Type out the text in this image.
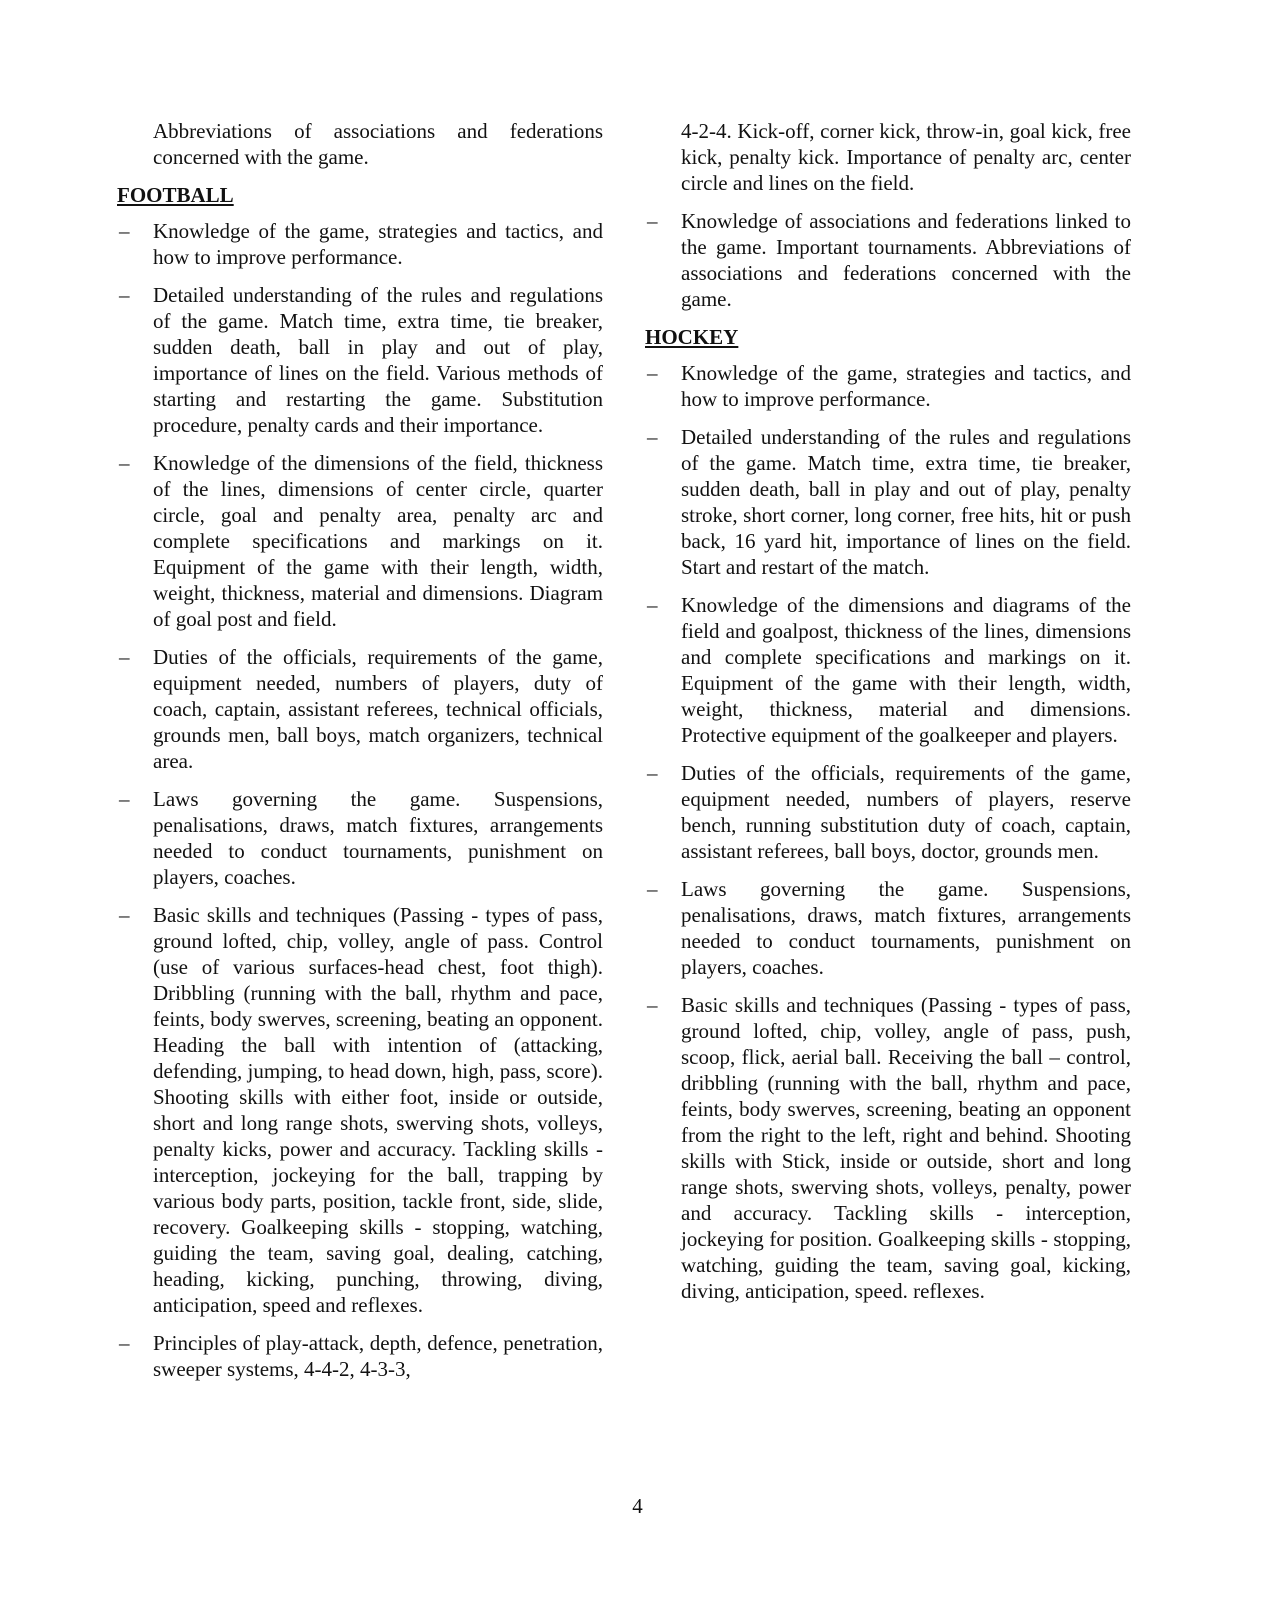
Abbreviations of associations and federations concerned with the game.
FOOTBALL
– Knowledge of the game, strategies and tactics, and how to improve performance.
– Detailed understanding of the rules and regulations of the game. Match time, extra time, tie breaker, sudden death, ball in play and out of play, importance of lines on the field. Various methods of starting and restarting the game. Substitution procedure, penalty cards and their importance.
– Knowledge of the dimensions of the field, thickness of the lines, dimensions of center circle, quarter circle, goal and penalty area, penalty arc and complete specifications and markings on it. Equipment of the game with their length, width, weight, thickness, material and dimensions. Diagram of goal post and field.
– Duties of the officials, requirements of the game, equipment needed, numbers of players, duty of coach, captain, assistant referees, technical officials, grounds men, ball boys, match organizers, technical area.
– Laws governing the game. Suspensions, penalisations, draws, match fixtures, arrangements needed to conduct tournaments, punishment on players, coaches.
– Basic skills and techniques (Passing - types of pass, ground lofted, chip, volley, angle of pass. Control (use of various surfaces-head chest, foot thigh). Dribbling (running with the ball, rhythm and pace, feints, body swerves, screening, beating an opponent. Heading the ball with intention of (attacking, defending, jumping, to head down, high, pass, score). Shooting skills with either foot, inside or outside, short and long range shots, swerving shots, volleys, penalty kicks, power and accuracy. Tackling skills - interception, jockeying for the ball, trapping by various body parts, position, tackle front, side, slide, recovery. Goalkeeping skills - stopping, watching, guiding the team, saving goal, dealing, catching, heading, kicking, punching, throwing, diving, anticipation, speed and reflexes.
– Principles of play-attack, depth, defence, penetration, sweeper systems, 4-4-2, 4-3-3,
4-2-4. Kick-off, corner kick, throw-in, goal kick, free kick, penalty kick. Importance of penalty arc, center circle and lines on the field.
– Knowledge of associations and federations linked to the game. Important tournaments. Abbreviations of associations and federations concerned with the game.
HOCKEY
– Knowledge of the game, strategies and tactics, and how to improve performance.
– Detailed understanding of the rules and regulations of the game. Match time, extra time, tie breaker, sudden death, ball in play and out of play, penalty stroke, short corner, long corner, free hits, hit or push back, 16 yard hit, importance of lines on the field. Start and restart of the match.
– Knowledge of the dimensions and diagrams of the field and goalpost, thickness of the lines, dimensions and complete specifications and markings on it. Equipment of the game with their length, width, weight, thickness, material and dimensions. Protective equipment of the goalkeeper and players.
– Duties of the officials, requirements of the game, equipment needed, numbers of players, reserve bench, running substitution duty of coach, captain, assistant referees, ball boys, doctor, grounds men.
– Laws governing the game. Suspensions, penalisations, draws, match fixtures, arrangements needed to conduct tournaments, punishment on players, coaches.
– Basic skills and techniques (Passing - types of pass, ground lofted, chip, volley, angle of pass, push, scoop, flick, aerial ball. Receiving the ball – control, dribbling (running with the ball, rhythm and pace, feints, body swerves, screening, beating an opponent from the right to the left, right and behind. Shooting skills with Stick, inside or outside, short and long range shots, swerving shots, volleys, penalty, power and accuracy. Tackling skills - interception, jockeying for position. Goalkeeping skills - stopping, watching, guiding the team, saving goal, kicking, diving, anticipation, speed. reflexes.
4
